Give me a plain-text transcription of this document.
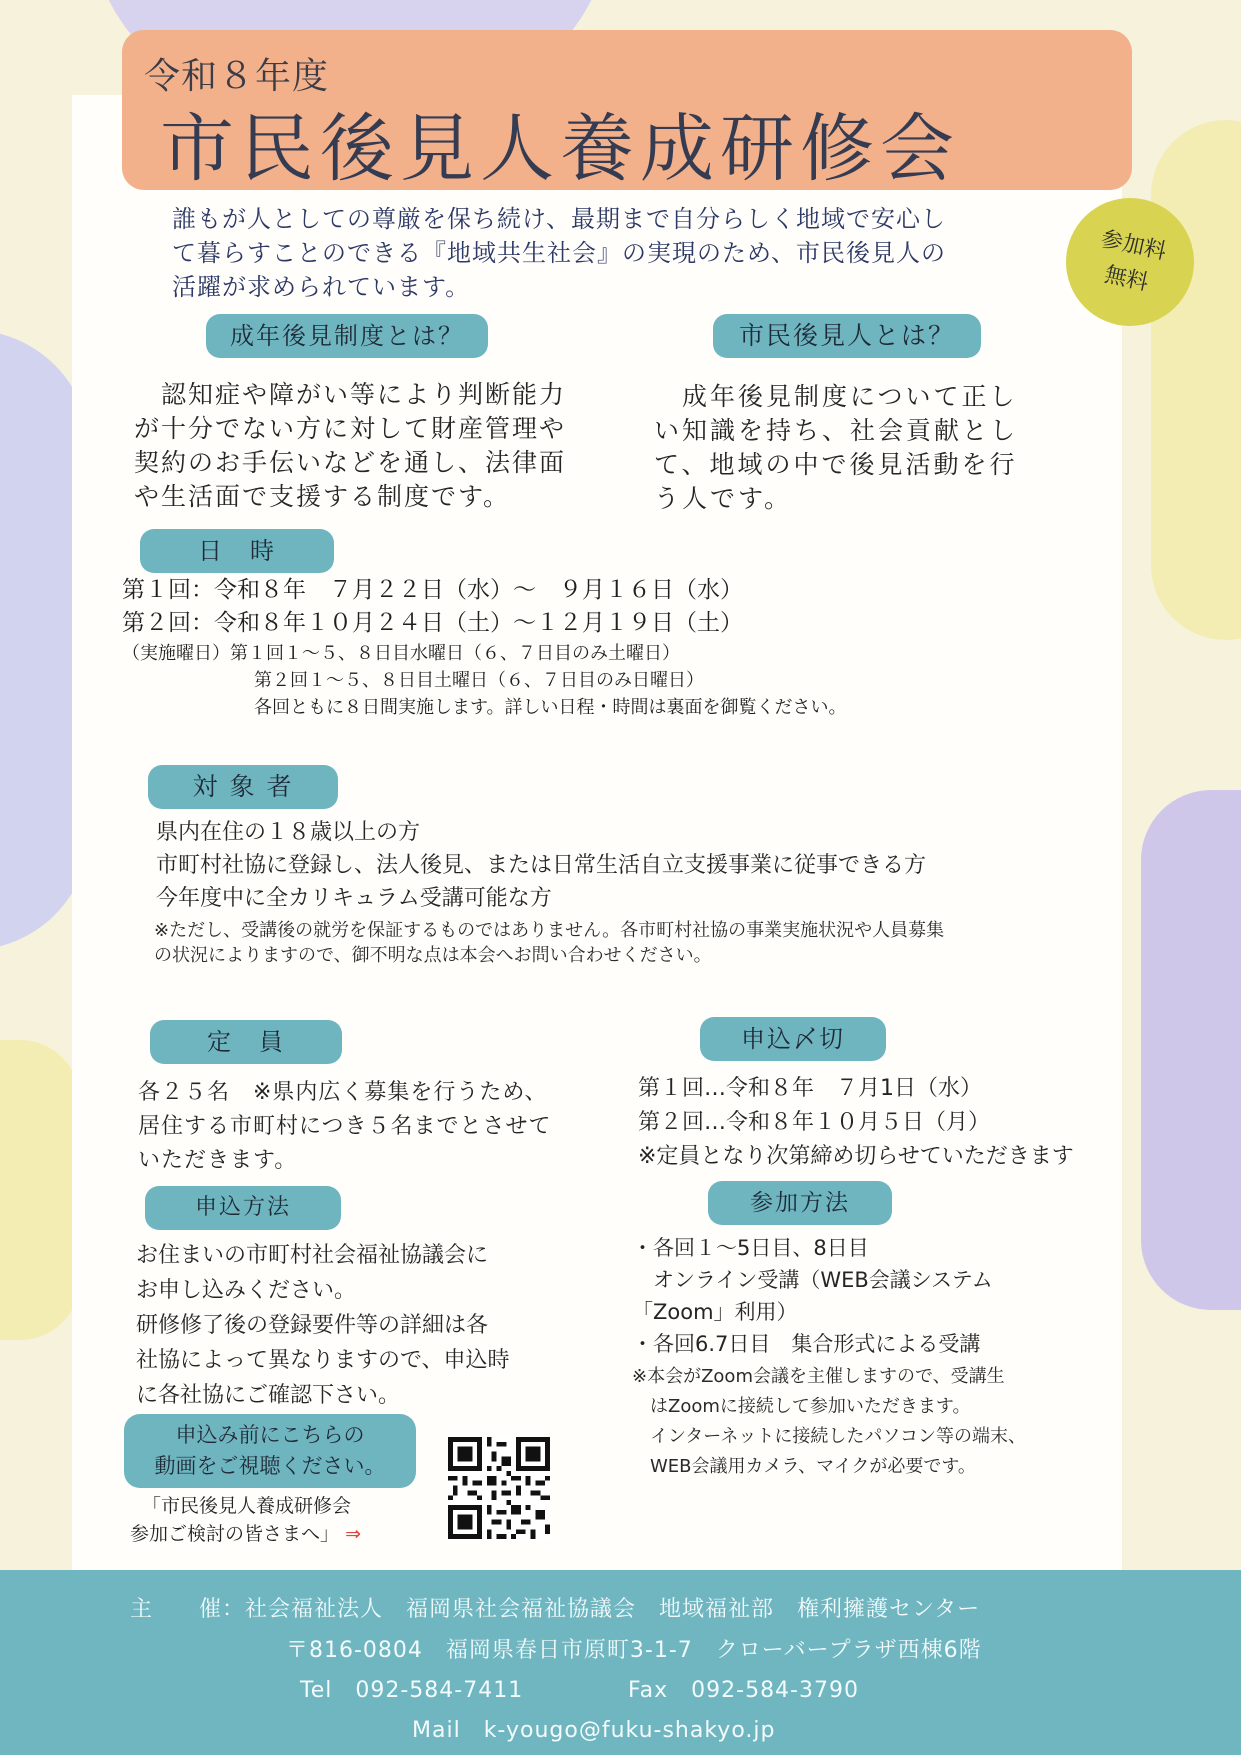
令和８年度
市民後見人養成研修会
参加料
無料

誰もが人としての尊厳を保ち続け、最期まで自分らしく地域で安心し

て暮らすことのできる『地域共生社会』の実現のため、市民後見人の

活躍が求められています。

成年後見制度とは？

　認知症や障がい等により判断能力

が十分でない方に対して財産管理や

契約のお手伝いなどを通し、法律面

や生活面で支援する制度です。

市民後見人とは？

　成年後見制度について正し

い知識を持ち、社会貢献とし

て、地域の中で後見活動を行

う人です。

日　時

第１回：令和８年　７月２２日（水）～　９月１６日（水）

第２回：令和８年１０月２４日（土）～１２月１９日（土）

（実施曜日）第１回１～５、８日目水曜日（６、７日目のみ土曜日）

第２回１～５、８日目土曜日（６、７日目のみ日曜日）

各回ともに８日間実施します。詳しい日程・時間は裏面を御覧ください。

対 象 者

県内在住の１８歳以上の方

市町村社協に登録し、法人後見、または日常生活自立支援事業に従事できる方

今年度中に全カリキュラム受講可能な方

※ただし、受講後の就労を保証するものではありません。各市町村社協の事業実施状況や人員募集

の状況によりますので、御不明な点は本会へお問い合わせください。

定　員

各２５名　※県内広く募集を行うため、

居住する市町村につき５名までとさせて

いただきます。

申込〆切

第１回…令和８年　７月1日（水）

第２回…令和８年１０月５日（月）

※定員となり次第締め切らせていただきます

申込方法

お住まいの市町村社会福祉協議会に

お申し込みください。

研修修了後の登録要件等の詳細は各

社協によって異なりますので、申込時

に各社協にご確認下さい。

参加方法

・各回１～5日目、8日目

　オンライン受講（WEB会議システム

「Zoom」利用）

・各回6.7日目　集合形式による受講

※本会がZoom会議を主催しますので、受講生

　はZoomに接続して参加いただきます。

　インターネットに接続したパソコン等の端末、

　WEB会議用カメラ、マイクが必要です。

申込み前にこちらの
動画をご視聴ください。
「市民後見人養成研修会
参加ご検討の皆さまへ」 ⇒

主　　催：社会福祉法人　福岡県社会福祉協議会　地域福祉部　権利擁護センター

〒816-0804　福岡県春日市原町3-1-7　クローバープラザ西棟6階

Tel　092-584-7411	Fax　092-584-3790

Mail　k-yougo@fuku-shakyo.jp
